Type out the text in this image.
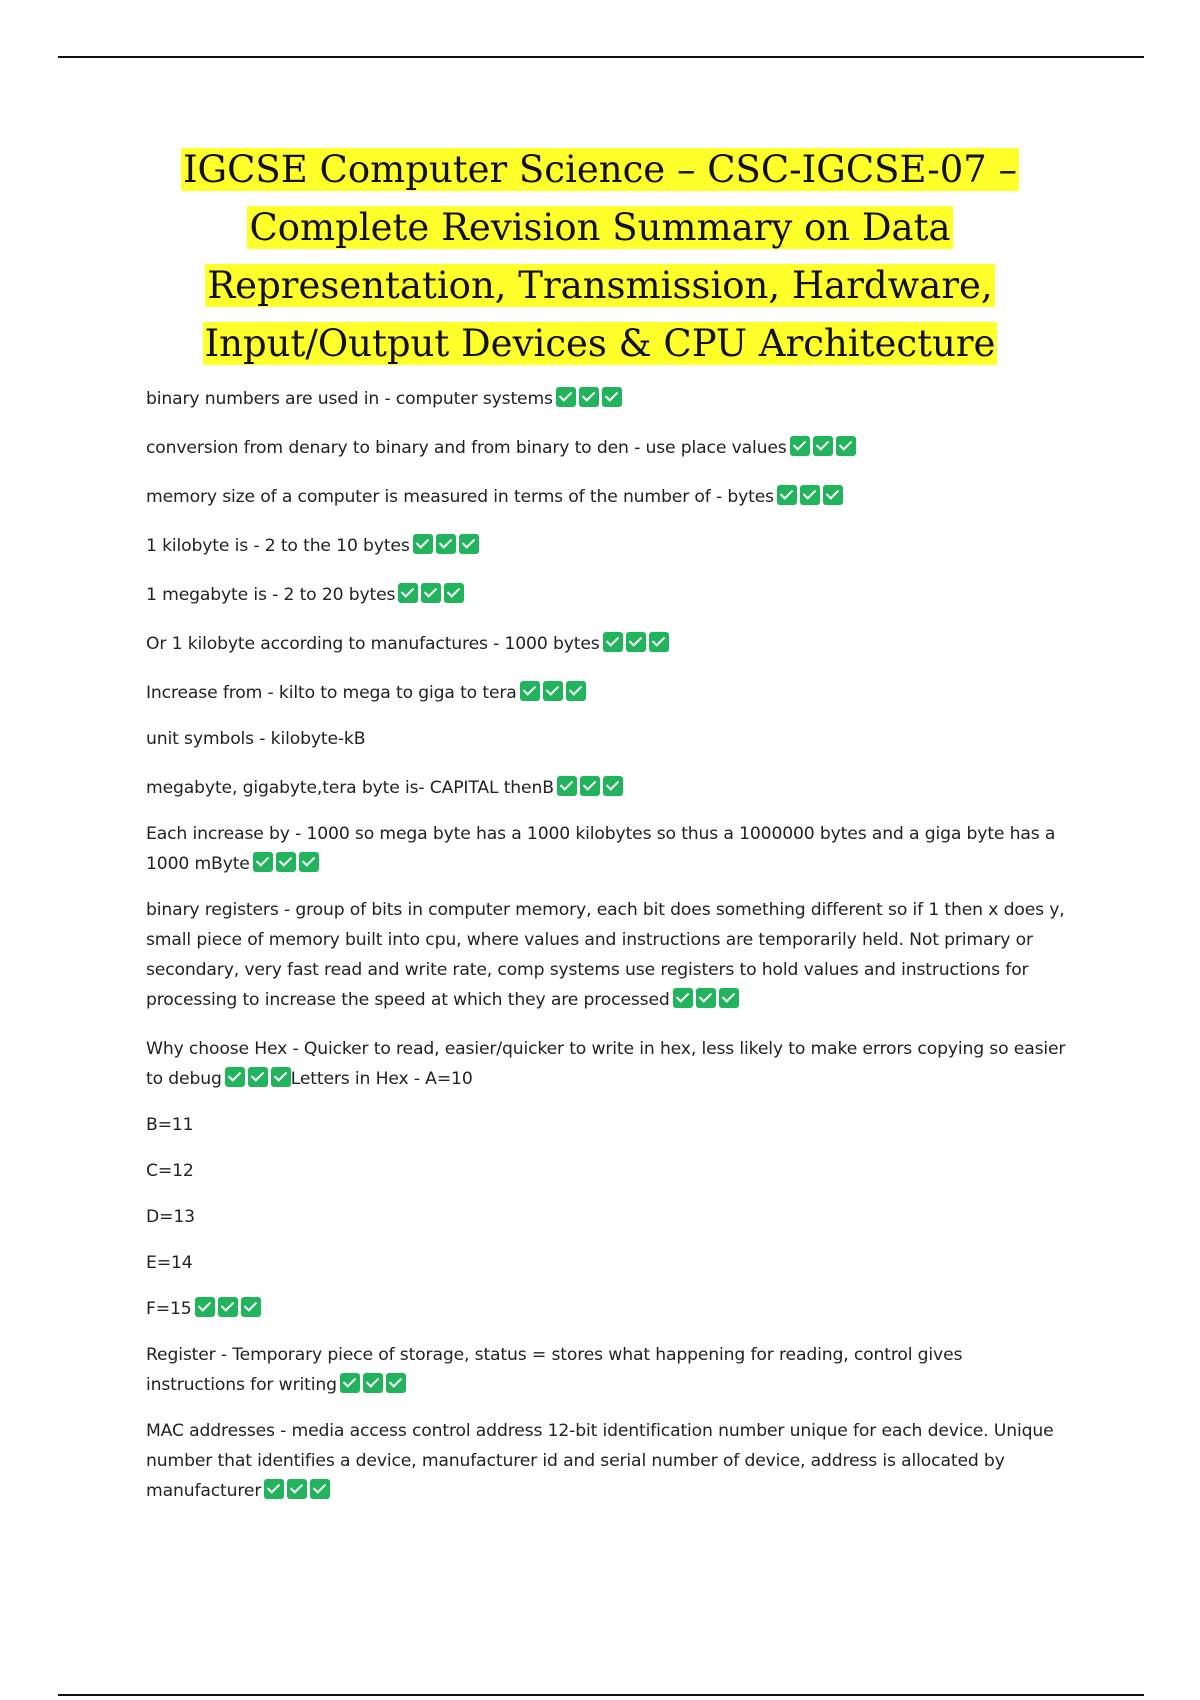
IGCSE Computer Science – CSC-IGCSE-07 –
Complete Revision Summary on Data
Representation, Transmission, Hardware,
Input/Output Devices & CPU Architecture

binary numbers are used in - computer systems

conversion from denary to binary and from binary to den - use place values

memory size of a computer is measured in terms of the number of - bytes

1 kilobyte is - 2 to the 10 bytes

1 megabyte is - 2 to 20 bytes

Or 1 kilobyte according to manufactures - 1000 bytes

Increase from - kilto to mega to giga to tera

unit symbols - kilobyte-kB

megabyte, gigabyte,tera byte is- CAPITAL thenB

Each increase by - 1000 so mega byte has a 1000 kilobytes so thus a 1000000 bytes and a giga byte has a 1000 mByte

binary registers - group of bits in computer memory, each bit does something different so if 1 then x does y, small piece of memory built into cpu, where values and instructions are temporarily held. Not primary or secondary, very fast read and write rate, comp systems use registers to hold values and instructions for processing to increase the speed at which they are processed

Why choose Hex - Quicker to read, easier/quicker to write in hex, less likely to make errors copying so easier to debug	Letters in Hex - A=10

B=11

C=12

D=13

E=14

F=15

Register - Temporary piece of storage, status = stores what happening for reading, control gives instructions for writing

MAC addresses - media access control address 12-bit identification number unique for each device. Unique number that identifies a device, manufacturer id and serial number of device, address is allocated by manufacturer
